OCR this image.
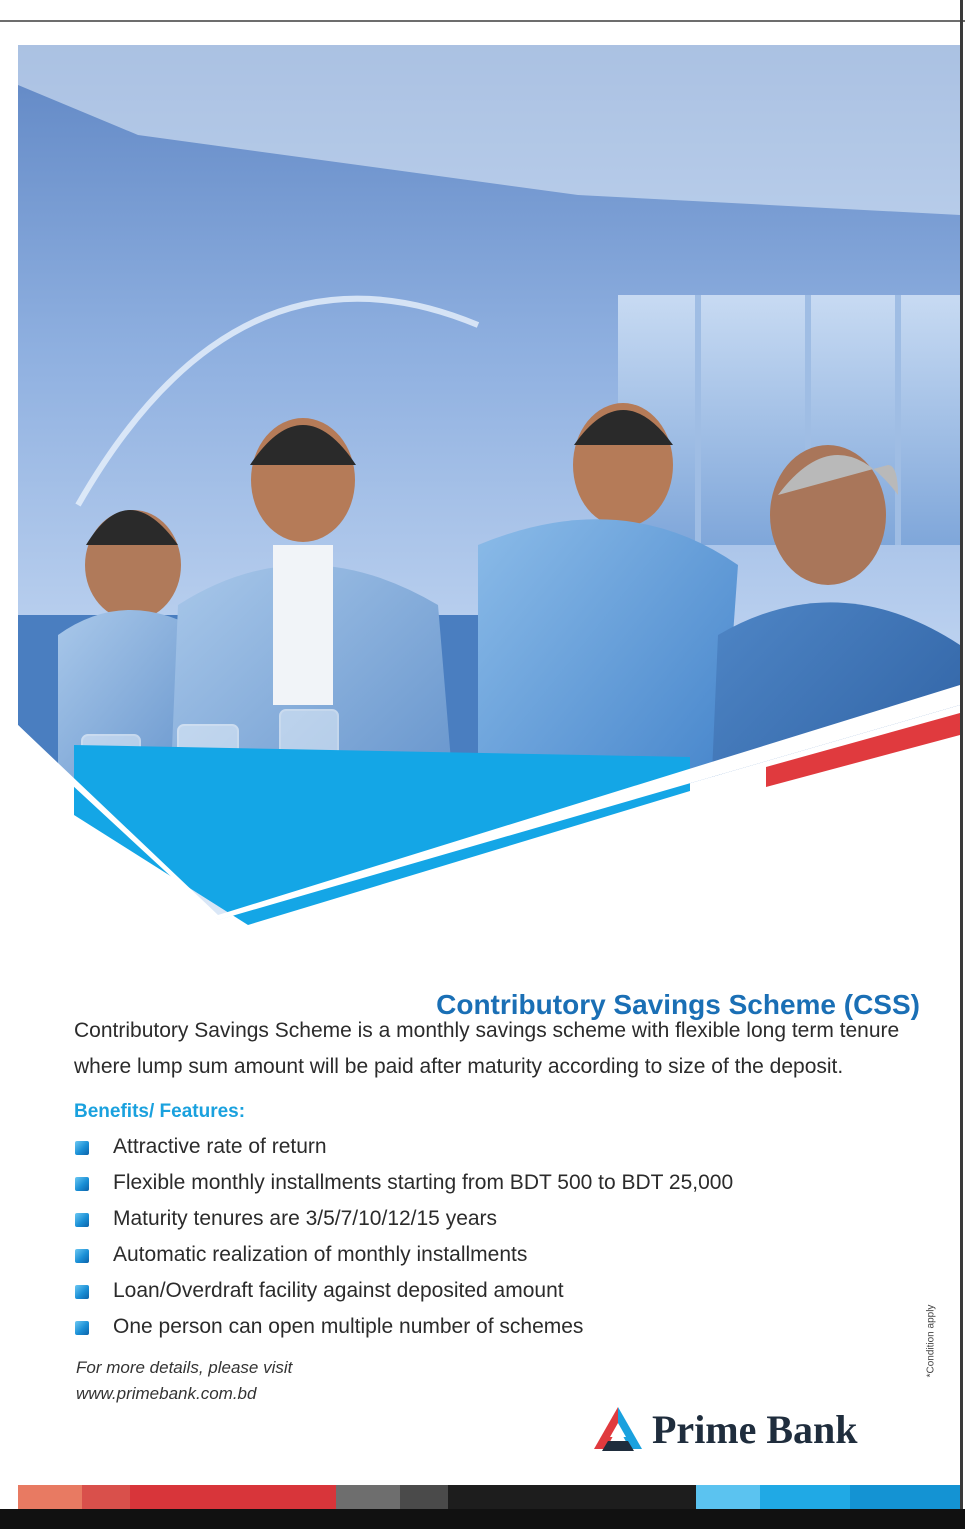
Contributory Savings Scheme (CSS)

Contributory Savings Scheme is a monthly savings scheme with flexible long term tenure where lump sum amount will be paid after maturity according to size of the deposit.

Benefits/ Features:
Attractive rate of return
Flexible monthly installments starting from BDT 500 to BDT 25,000
Maturity tenures are 3/5/7/10/12/15 years
Automatic realization of monthly installments
Loan/Overdraft facility against deposited amount
One person can open multiple number of schemes
For more details, please visit
www.primebank.com.bd
*Condition apply
Prime Bank
